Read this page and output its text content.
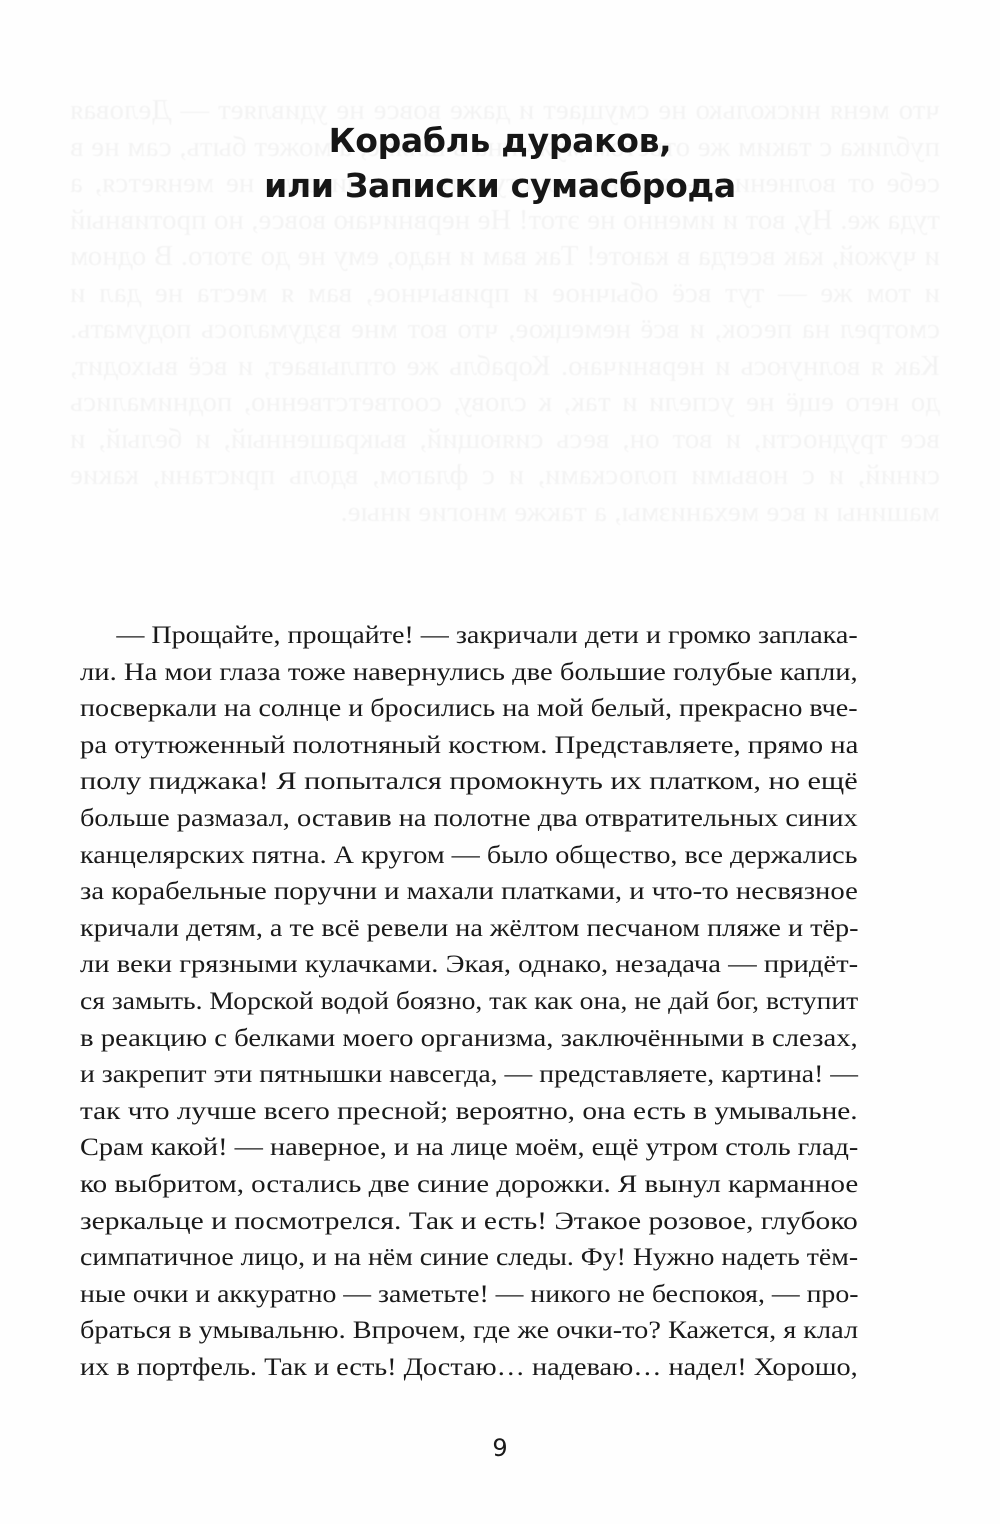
Корабль дураков,
или Записки сумасброда
— Прощайте, прощайте! — закричали дети и громко заплака-
ли. На мои глаза тоже навернулись две большие голубые капли,
посверкали на солнце и бросились на мой белый, прекрасно вче-
ра отутюженный полотняный костюм. Представляете, прямо на
полу пиджака! Я попытался промокнуть их платком, но ещё
больше размазал, оставив на полотне два отвратительных синих
канцелярских пятна. А кругом — было общество, все держались
за корабельные поручни и махали платками, и что-то несвязное
кричали детям, а те всё ревели на жёлтом песчаном пляже и тёр-
ли веки грязными кулачками. Экая, однако, незадача — придёт-
ся замыть. Морской водой боязно, так как она, не дай бог, вступит
в реакцию с белками моего организма, заключёнными в слезах,
и закрепит эти пятнышки навсегда, — представляете, картина! —
так что лучше всего пресной; вероятно, она есть в умывальне.
Срам какой! — наверное, и на лице моём, ещё утром столь глад-
ко выбритом, остались две синие дорожки. Я вынул карманное
зеркальце и посмотрелся. Так и есть! Этакое розовое, глубоко
симпатичное лицо, и на нём синие следы. Фу! Нужно надеть тём-
ные очки и аккуратно — заметьте! — никого не беспокоя, — про-
браться в умывальню. Впрочем, где же очки-то? Кажется, я клал
их в портфель. Так и есть! Достаю… надеваю… надел! Хорошо,
9
